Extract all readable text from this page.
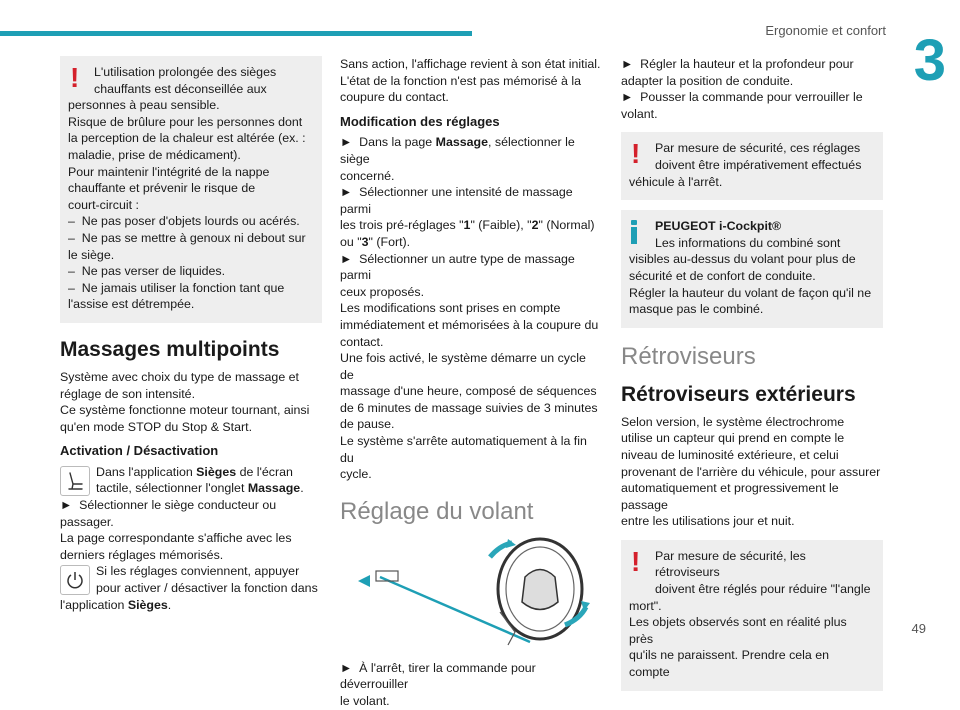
Ergonomie et confort 3
! L'utilisation prolongée des sièges
chauffants est déconseillée aux
personnes à peau sensible.
Risque de brûlure pour les personnes dont
la perception de la chaleur est altérée (ex. :
maladie, prise de médicament).
Pour maintenir l'intégrité de la nappe
chauffante et prévenir le risque de
court-circuit :
–  Ne pas poser d'objets lourds ou acérés.
–  Ne pas se mettre à genoux ni debout sur
le siège.
–  Ne pas verser de liquides.
–  Ne jamais utiliser la fonction tant que
l'assise est détrempée.
Massages multipoints
Système avec choix du type de massage et
réglage de son intensité.
Ce système fonctionne moteur tournant, ainsi
qu'en mode STOP du Stop & Start.
Activation / Désactivation
Dans l'application Sièges de l'écran
tactile, sélectionner l'onglet Massage.
►  Sélectionner le siège conducteur ou
passager.
La page correspondante s'affiche avec les
derniers réglages mémorisés.
Si les réglages conviennent, appuyer
pour activer / désactiver la fonction dans
l'application Sièges.
Sans action, l'affichage revient à son état initial.
L'état de la fonction n'est pas mémorisé à la
coupure du contact.
Modification des réglages
►  Dans la page Massage, sélectionner le siège
concerné.
►  Sélectionner une intensité de massage parmi
les trois pré-réglages "1" (Faible), "2" (Normal)
ou "3" (Fort).
►  Sélectionner un autre type de massage parmi
ceux proposés.
Les modifications sont prises en compte
immédiatement et mémorisées à la coupure du
contact.
Une fois activé, le système démarre un cycle de
massage d'une heure, composé de séquences
de 6 minutes de massage suivies de 3 minutes
de pause.
Le système s'arrête automatiquement à la fin du
cycle.
Réglage du volant
►  À l'arrêt, tirer la commande pour déverrouiller
le volant.
►  Régler la hauteur et la profondeur pour
adapter la position de conduite.
►  Pousser la commande pour verrouiller le
volant.
! Par mesure de sécurité, ces réglages
doivent être impérativement effectués
véhicule à l'arrêt.
PEUGEOT i-Cockpit®
Les informations du combiné sont
visibles au-dessus du volant pour plus de
sécurité et de confort de conduite.
Régler la hauteur du volant de façon qu'il ne
masque pas le combiné.
Rétroviseurs
Rétroviseurs extérieurs
Selon version, le système électrochrome
utilise un capteur qui prend en compte le
niveau de luminosité extérieure, et celui
provenant de l'arrière du véhicule, pour assurer
automatiquement et progressivement le passage
entre les utilisations jour et nuit.
! Par mesure de sécurité, les rétroviseurs
doivent être réglés pour réduire "l'angle
mort".
Les objets observés sont en réalité plus près
qu'ils ne paraissent. Prendre cela en compte
49
